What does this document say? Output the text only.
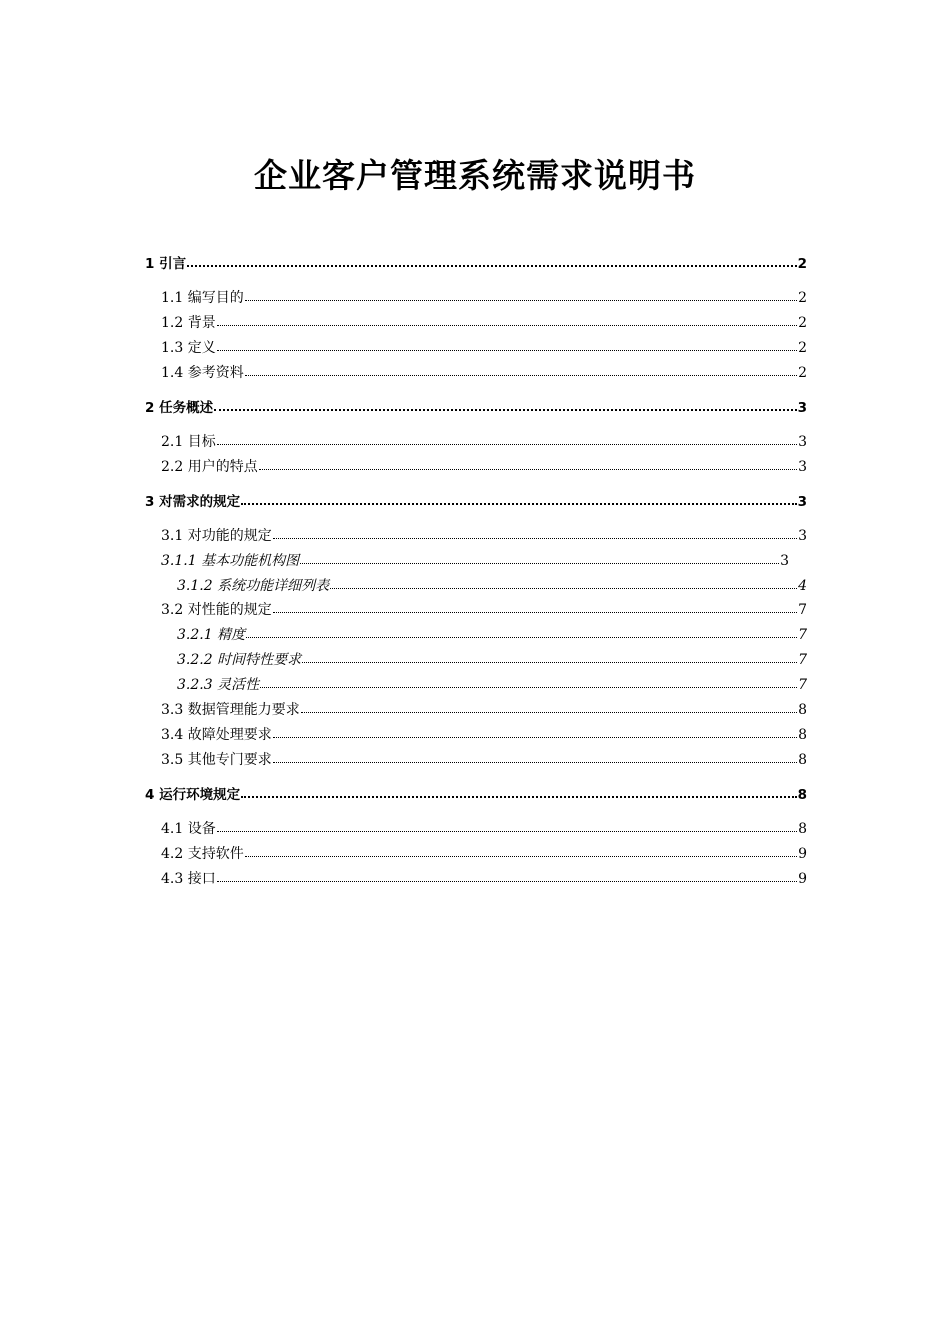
企业客户管理系统需求说明书
1 引言	2
1.1 编写目的	2
1.2 背景	2
1.3 定义	2
1.4 参考资料	2
2 任务概述	3
2.1 目标	3
2.2 用户的特点	3
3 对需求的规定	3
3.1 对功能的规定	3
3.1.1 基本功能机构图	3
3.1.2 系统功能详细列表	4
3.2 对性能的规定	7
3.2.1 精度	7
3.2.2 时间特性要求	7
3.2.3 灵活性	7
3.3 数据管理能力要求	8
3.4 故障处理要求	8
3.5 其他专门要求	8
4 运行环境规定	8
4.1 设备	8
4.2 支持软件	9
4.3 接口	9
